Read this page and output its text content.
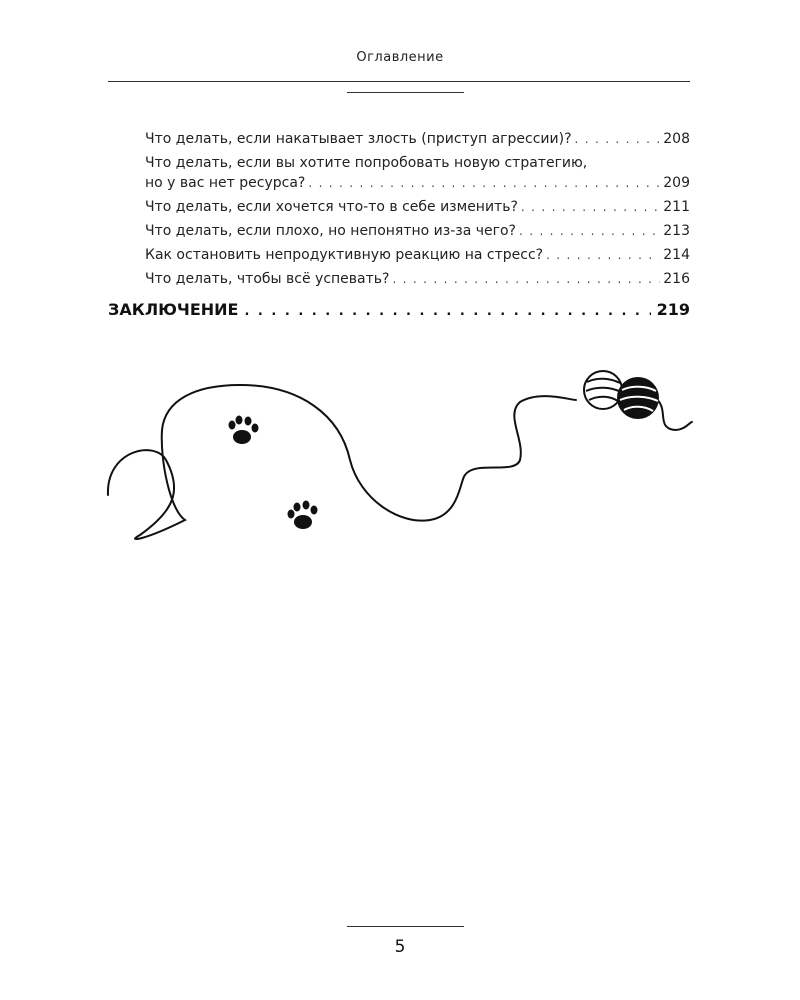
Оглавление
Что делать, если накатывает злость (приступ агрессии)? . . .	208
Что делать, если вы хотите попробовать новую стратегию,
но у вас нет ресурса? . . .	209
Что делать, если хочется что-то в себе изменить? . . .	211
Что делать, если плохо, но непонятно из-за чего? . . .	213
Как остановить непродуктивную реакцию на стресс? . . .	214
Что делать, чтобы всё успевать? . . .	216
ЗАКЛЮЧЕНИЕ . . .	219
5
